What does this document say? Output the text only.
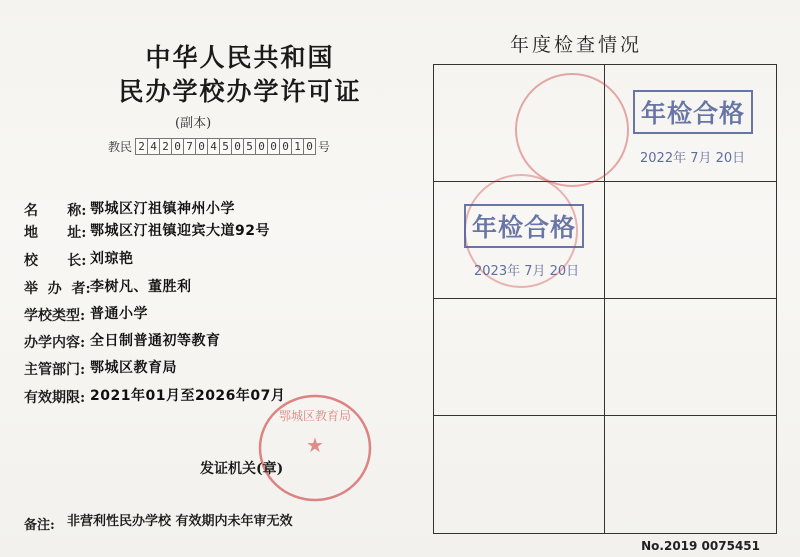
中华人民共和国
民办学校办学许可证
(副本)
教民 2 4 2 0 7 0 4 5 0 5 0 0 0 1 0 号
名      称: 鄂城区汀祖镇神州小学
地      址: 鄂城区汀祖镇迎宾大道92号
校      长: 刘琼艳
举  办  者: 李树凡、董胜利
学校类型: 普通小学
办学内容: 全日制普通初等教育
主管部门: 鄂城区教育局
有效期限: 2021年01月至2026年07月
★
鄂城区教育局
发证机关(章)
备注: 非营利性民办学校 有效期内未年审无效
年度检查情况
年检合格
2022年 7月 20日
年检合格
2023年 7月 20日
No.2019 0075451
